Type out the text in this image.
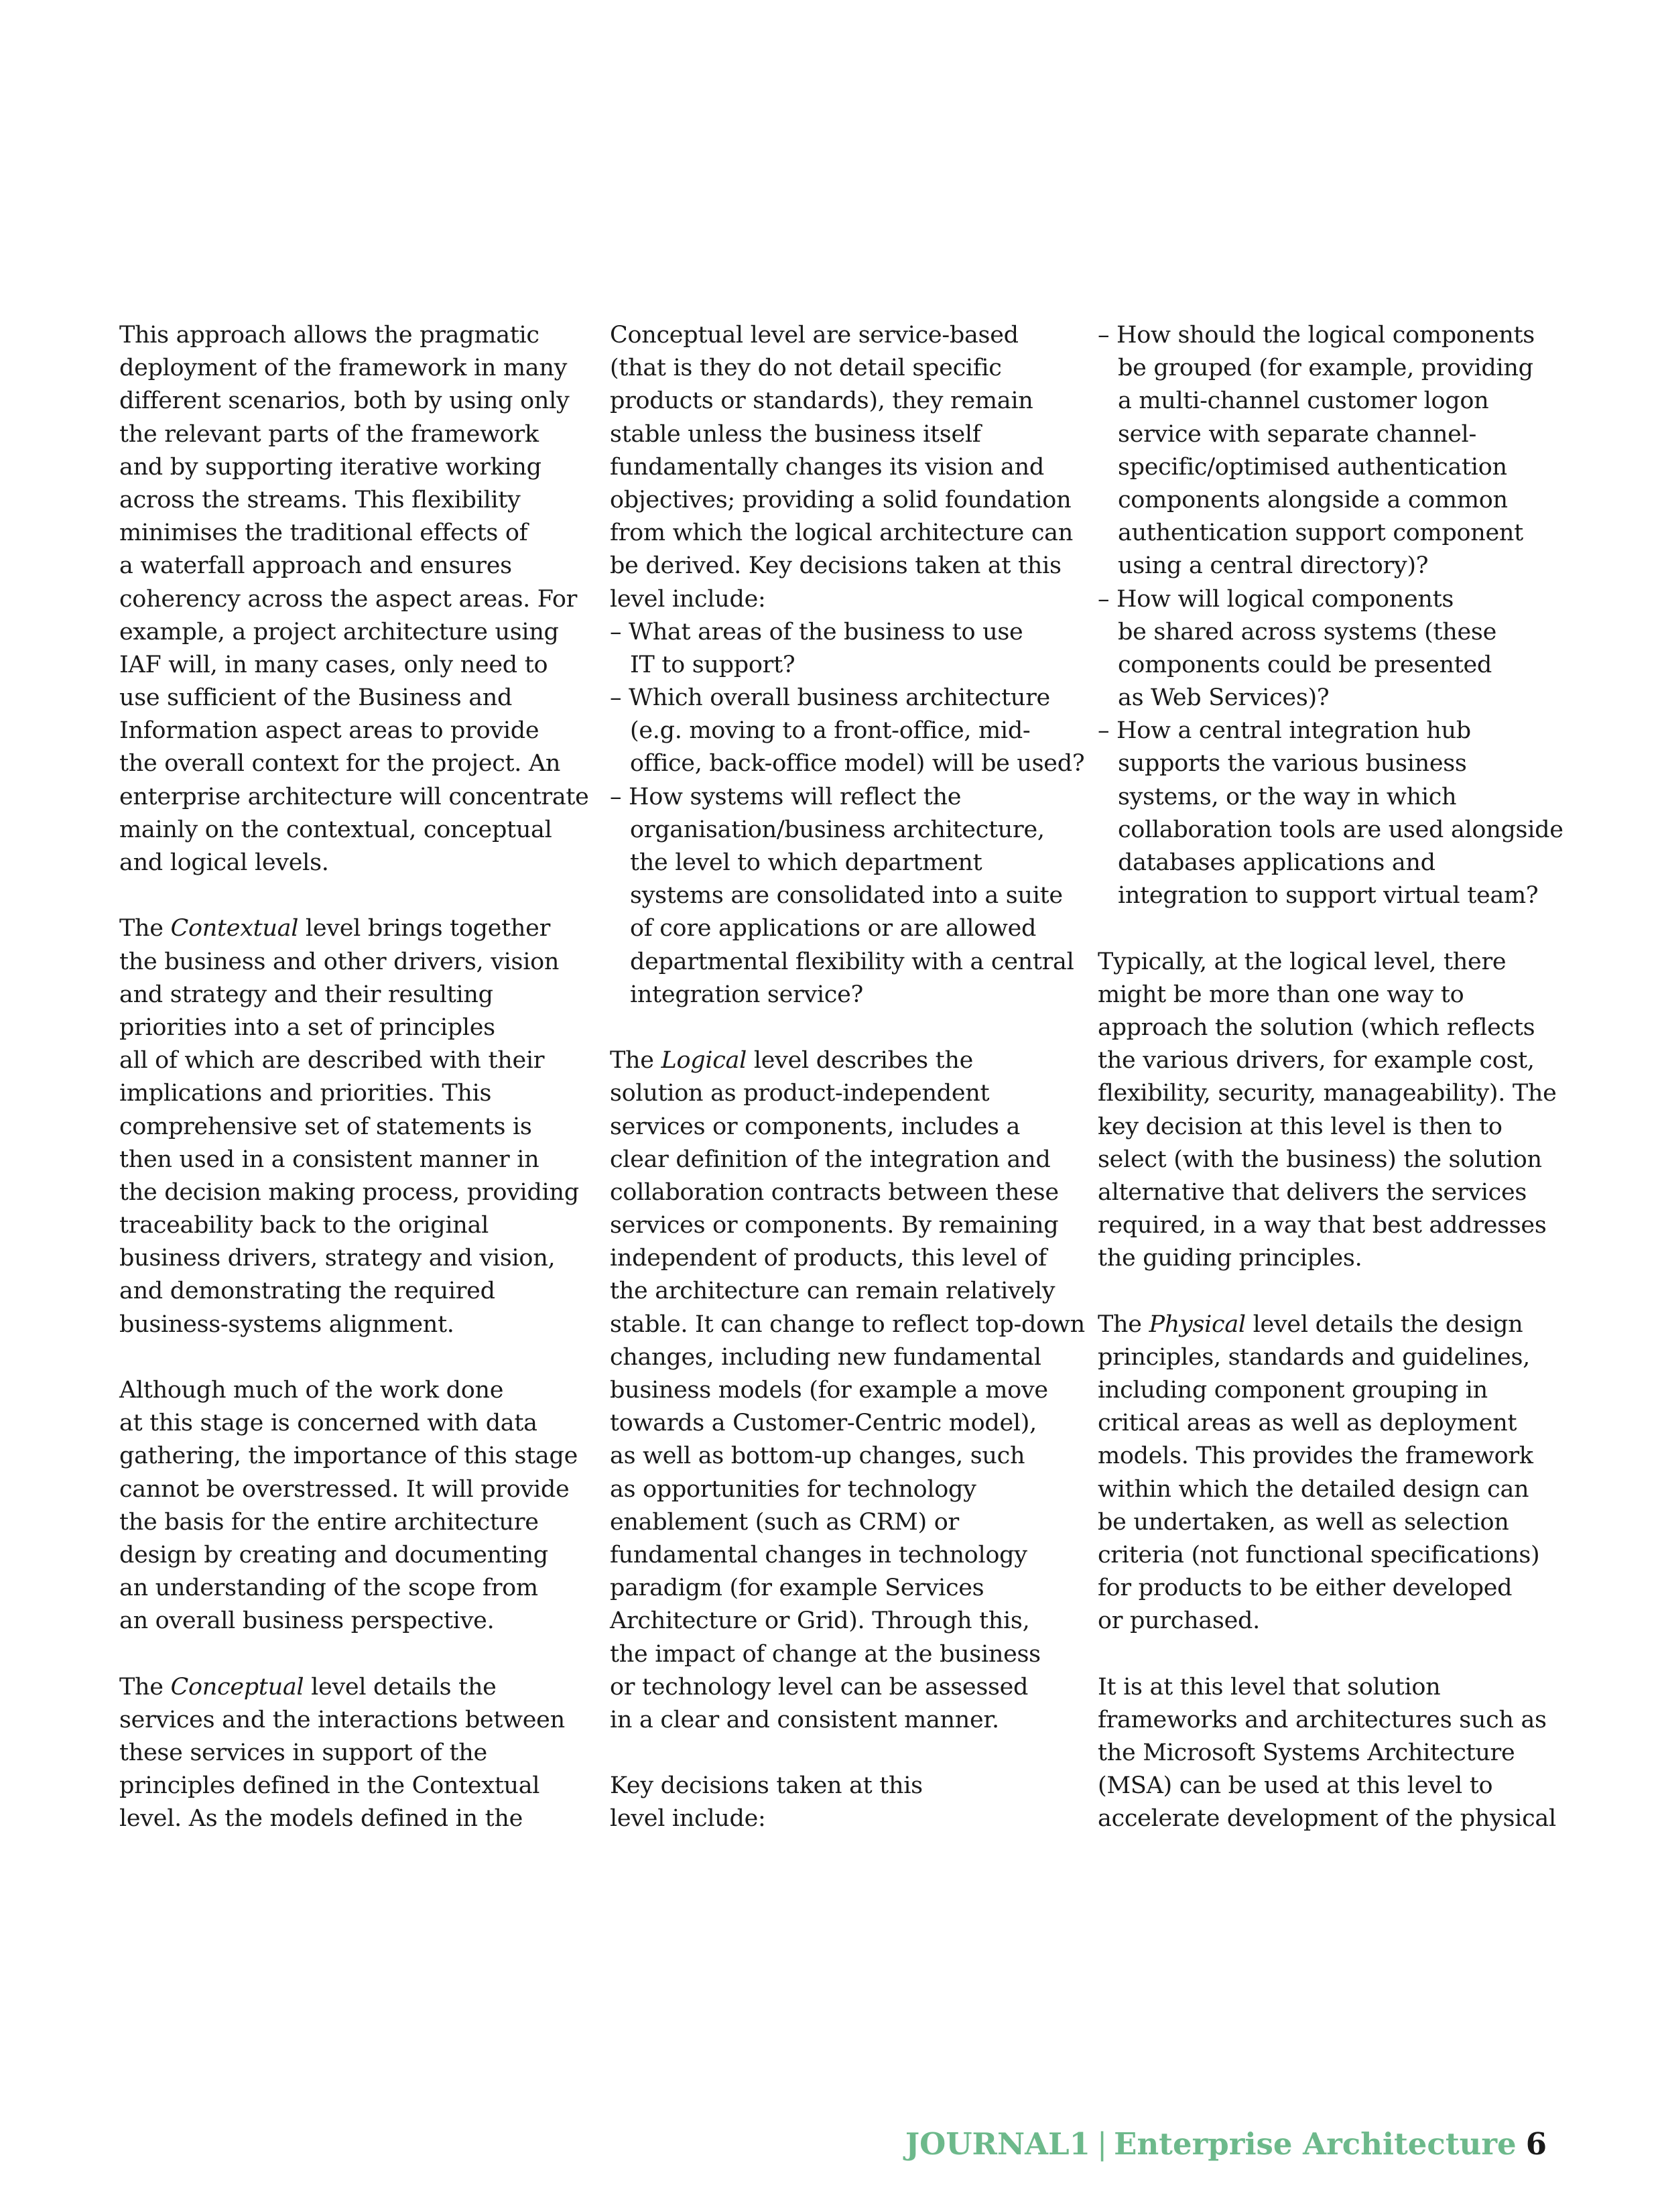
This approach allows the pragmatic
deployment of the framework in many
different scenarios, both by using only
the relevant parts of the framework
and by supporting iterative working
across the streams. This flexibility
minimises the traditional effects of
a waterfall approach and ensures
coherency across the aspect areas. For
example, a project architecture using
IAF will, in many cases, only need to
use sufficient of the Business and
Information aspect areas to provide
the overall context for the project. An
enterprise architecture will concentrate
mainly on the contextual, conceptual
and logical levels.
The Contextual level brings together
the business and other drivers, vision
and strategy and their resulting
priorities into a set of principles
all of which are described with their
implications and priorities. This
comprehensive set of statements is
then used in a consistent manner in
the decision making process, providing
traceability back to the original
business drivers, strategy and vision,
and demonstrating the required
business-systems alignment.
Although much of the work done
at this stage is concerned with data
gathering, the importance of this stage
cannot be overstressed. It will provide
the basis for the entire architecture
design by creating and documenting
an understanding of the scope from
an overall business perspective.
The Conceptual level details the
services and the interactions between
these services in support of the
principles defined in the Contextual
level. As the models defined in the
Conceptual level are service-based
(that is they do not detail specific
products or standards), they remain
stable unless the business itself
fundamentally changes its vision and
objectives; providing a solid foundation
from which the logical architecture can
be derived. Key decisions taken at this
level include:
– What areas of the business to use
IT to support?
– Which overall business architecture
(e.g. moving to a front-office, mid-
office, back-office model) will be used?
– How systems will reflect the
organisation/business architecture,
the level to which department
systems are consolidated into a suite
of core applications or are allowed
departmental flexibility with a central
integration service?
The Logical level describes the
solution as product-independent
services or components, includes a
clear definition of the integration and
collaboration contracts between these
services or components. By remaining
independent of products, this level of
the architecture can remain relatively
stable. It can change to reflect top-down
changes, including new fundamental
business models (for example a move
towards a Customer-Centric model),
as well as bottom-up changes, such
as opportunities for technology
enablement (such as CRM) or
fundamental changes in technology
paradigm (for example Services
Architecture or Grid). Through this,
the impact of change at the business
or technology level can be assessed
in a clear and consistent manner.
Key decisions taken at this
level include:
– How should the logical components
be grouped (for example, providing
a multi-channel customer logon
service with separate channel-
specific/optimised authentication
components alongside a common
authentication support component
using a central directory)?
– How will logical components
be shared across systems (these
components could be presented
as Web Services)?
– How a central integration hub
supports the various business
systems, or the way in which
collaboration tools are used alongside
databases applications and
integration to support virtual team?
Typically, at the logical level, there
might be more than one way to
approach the solution (which reflects
the various drivers, for example cost,
flexibility, security, manageability). The
key decision at this level is then to
select (with the business) the solution
alternative that delivers the services
required, in a way that best addresses
the guiding principles.
The Physical level details the design
principles, standards and guidelines,
including component grouping in
critical areas as well as deployment
models. This provides the framework
within which the detailed design can
be undertaken, as well as selection
criteria (not functional specifications)
for products to be either developed
or purchased.
It is at this level that solution
frameworks and architectures such as
the Microsoft Systems Architecture
(MSA) can be used at this level to
accelerate development of the physical
JOURNAL1 | Enterprise Architecture 6
